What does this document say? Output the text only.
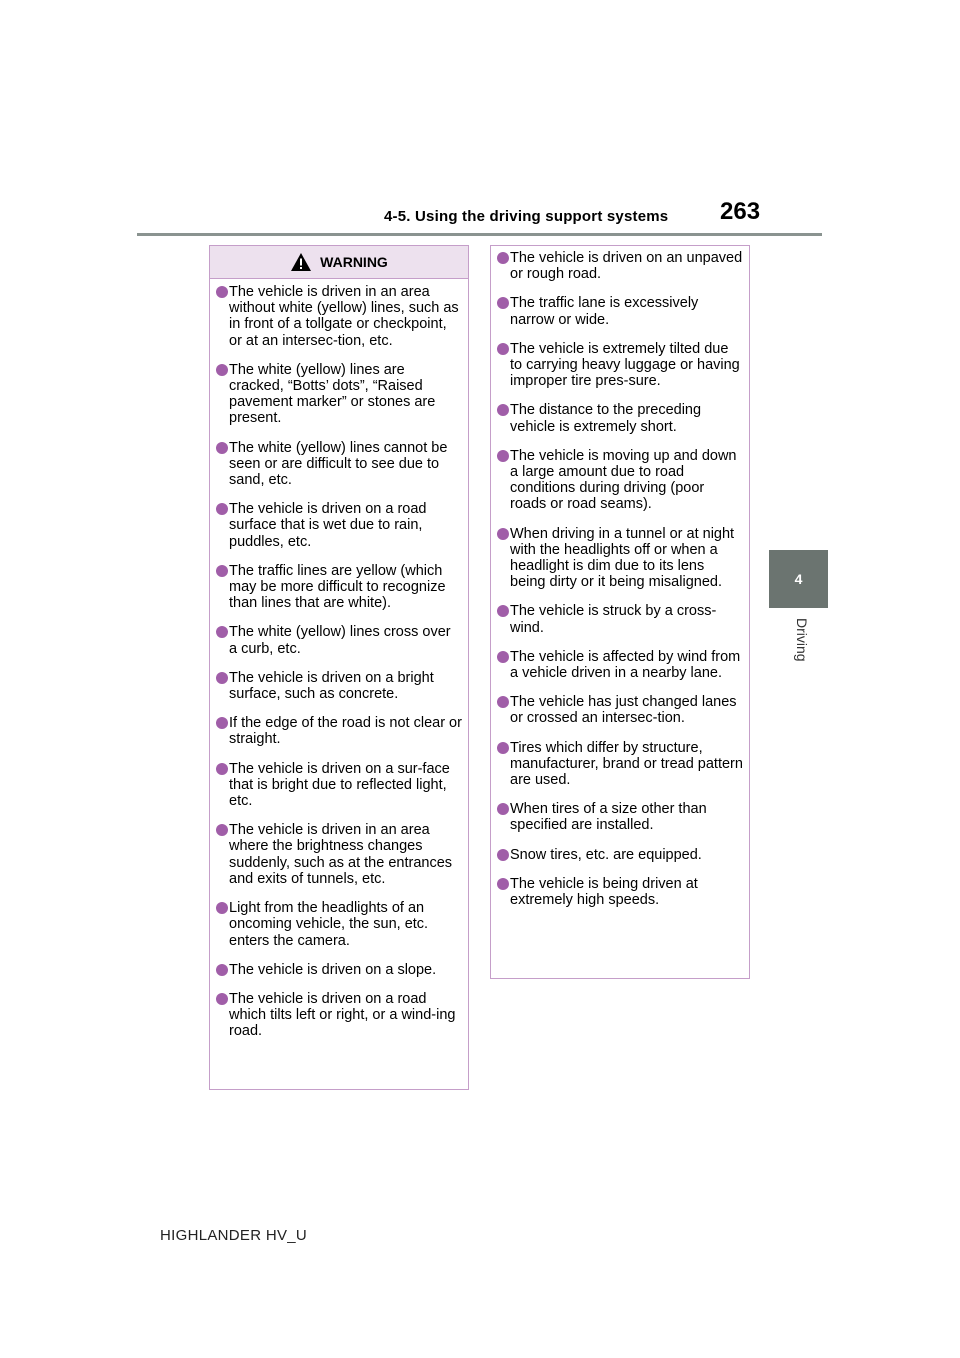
4-5. Using the driving support systems 263
4
Driving
WARNING
The vehicle is driven in an area without white (yellow) lines, such as in front of a tollgate or checkpoint, or at an intersec-tion, etc.
The white (yellow) lines are cracked, “Botts’ dots”, “Raised pavement marker” or stones are present.
The white (yellow) lines cannot be seen or are difficult to see due to sand, etc.
The vehicle is driven on a road surface that is wet due to rain, puddles, etc.
The traffic lines are yellow (which may be more difficult to recognize than lines that are white).
The white (yellow) lines cross over a curb, etc.
The vehicle is driven on a bright surface, such as concrete.
If the edge of the road is not clear or straight.
The vehicle is driven on a sur-face that is bright due to reflected light, etc.
The vehicle is driven in an area where the brightness changes suddenly, such as at the entrances and exits of tunnels, etc.
Light from the headlights of an oncoming vehicle, the sun, etc. enters the camera.
The vehicle is driven on a slope.
The vehicle is driven on a road which tilts left or right, or a wind-ing road.
The vehicle is driven on an unpaved or rough road.
The traffic lane is excessively narrow or wide.
The vehicle is extremely tilted due to carrying heavy luggage or having improper tire pres-sure.
The distance to the preceding vehicle is extremely short.
The vehicle is moving up and down a large amount due to road conditions during driving (poor roads or road seams).
When driving in a tunnel or at night with the headlights off or when a headlight is dim due to its lens being dirty or it being misaligned.
The vehicle is struck by a cross-wind.
The vehicle is affected by wind from a vehicle driven in a nearby lane.
The vehicle has just changed lanes or crossed an intersec-tion.
Tires which differ by structure, manufacturer, brand or tread pattern are used.
When tires of a size other than specified are installed.
Snow tires, etc. are equipped.
The vehicle is being driven at extremely high speeds.
HIGHLANDER HV_U
